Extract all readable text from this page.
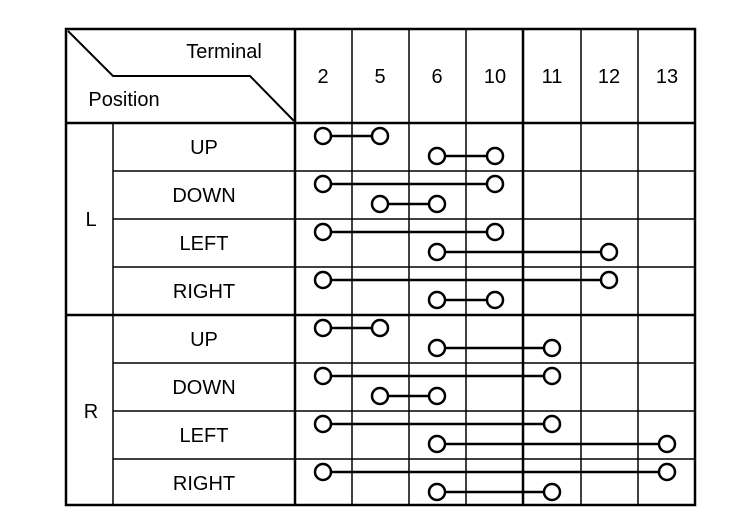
Terminal
Position
2 5 6 10 11 12 13
L
R
UP
DOWN
LEFT
RIGHT
UP
DOWN
LEFT
RIGHT
